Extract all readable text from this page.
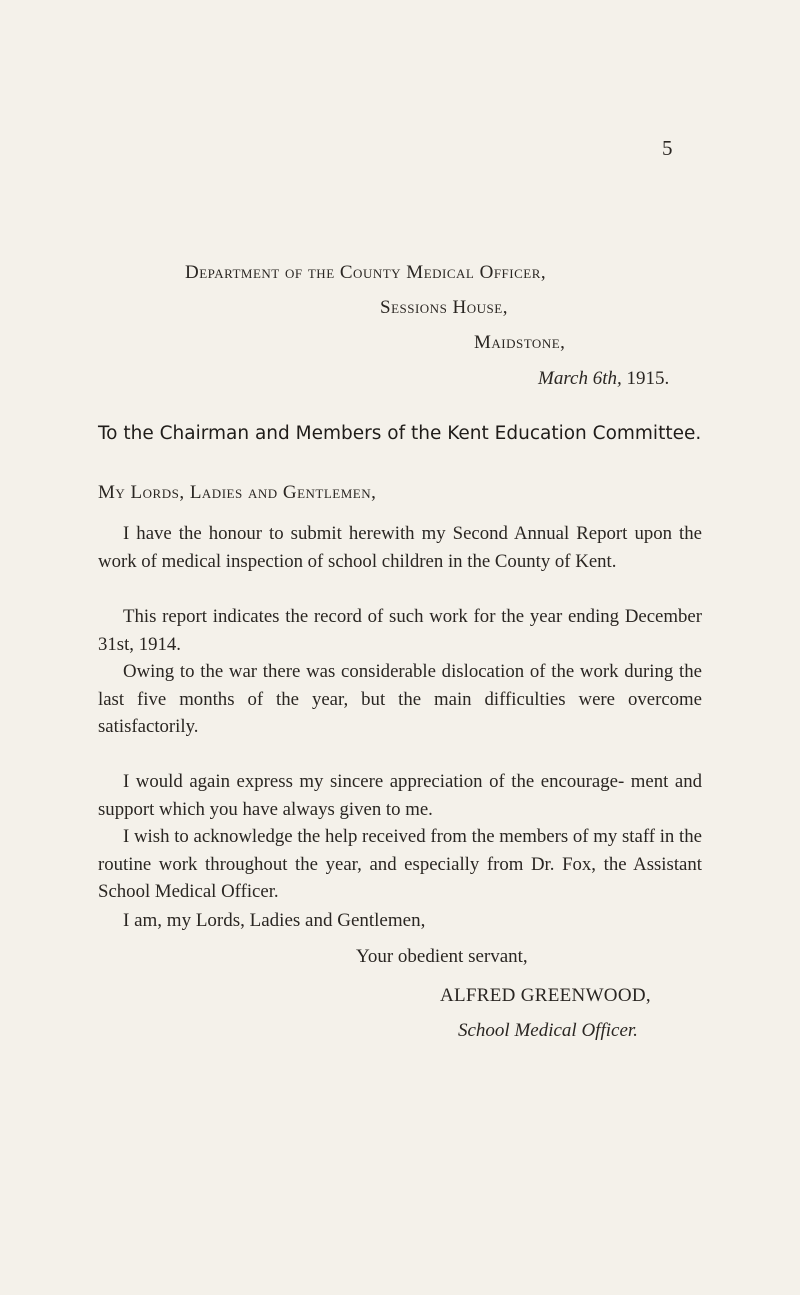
5
Department of the County Medical Officer,
Sessions House,
Maidstone,
March 6th, 1915.
To the Chairman and Members of the Kent Education Committee.
My Lords, Ladies and Gentlemen,

I have the honour to submit herewith my Second Annual Report upon the work of medical inspection of school children in the County of Kent.

This report indicates the record of such work for the year ending December 31st, 1914.

Owing to the war there was considerable dislocation of the work during the last five months of the year, but the main difficulties were overcome satisfactorily.

I would again express my sincere appreciation of the encourage- ment and support which you have always given to me.

I wish to acknowledge the help received from the members of my staff in the routine work throughout the year, and especially from Dr. Fox, the Assistant School Medical Officer.

I am, my Lords, Ladies and Gentlemen,
Your obedient servant,
ALFRED GREENWOOD,
School Medical Officer.
